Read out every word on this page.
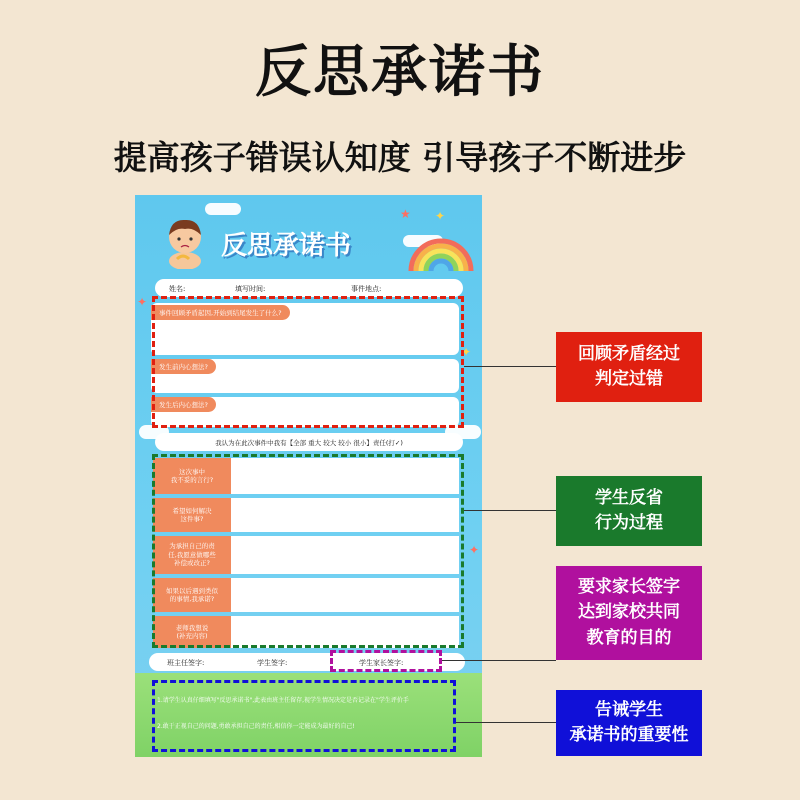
反思承诺书
提高孩子错误认知度 引导孩子不断进步
反思承诺书
★ ✦
✦
✦
✦
姓名:	填写时间:	事件地点:
事件回顾矛盾起因,开始到结尾发生了什么?
发生前内心想法?
发生后内心想法?
我认为在此次事件中我有【全部 重大 较大 较小 很小】责任(打✓)
这次事中
我不妥的言行?
希望如何解决
这件事?
为承担自己的责
任,我愿意做哪些
补偿或改正?
如果以后遇到类似
的事情,我承诺?
老师我想说
(补充内容)
班主任签字:	学生签字:	学生家长签字:
1.请学生认真仔细填写"反思承诺书",此表由班主任留存,视学生情况决定是否记录在"学生评价手
2.敢于正视自己的问题,勇敢承担自己的责任,相信你一定能成为最好的自己!
回顾矛盾经过
判定过错
学生反省
行为过程
要求家长签字
达到家校共同
教育的目的
告诫学生
承诺书的重要性
